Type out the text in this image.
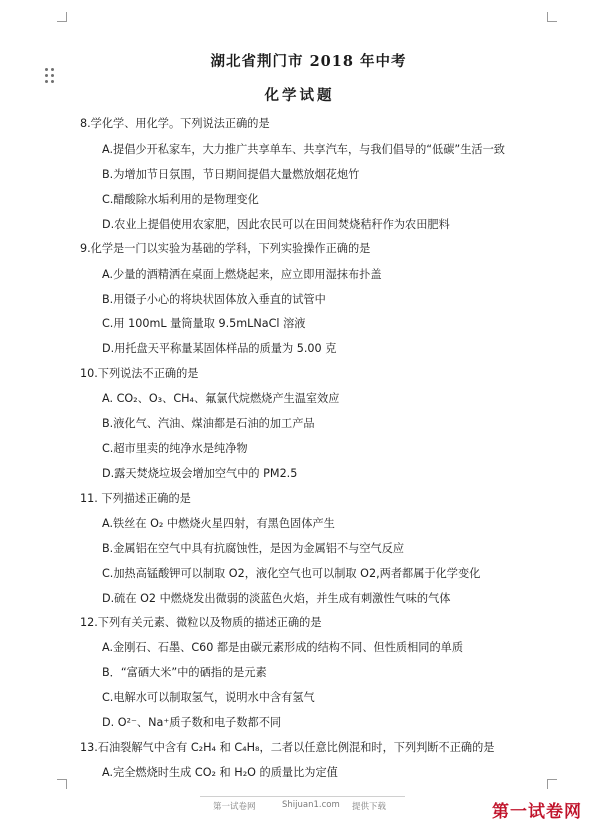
湖北省荆门市 2018 年中考
化学试题
8.学化学、用化学。下列说法正确的是
A.提倡少开私家车，大力推广共享单车、共享汽车，与我们倡导的“低碳”生活一致
B.为增加节日氛围，节日期间提倡大量燃放烟花炮竹
C.醋酸除水垢利用的是物理变化
D.农业上提倡使用农家肥，因此农民可以在田间焚烧秸秆作为农田肥料
9.化学是一门以实验为基础的学科，下列实验操作正确的是
A.少量的酒精洒在桌面上燃烧起来，应立即用湿抹布扑盖
B.用镊子小心的将块状固体放入垂直的试管中
C.用 100mL 量筒量取 9.5mLNaCl 溶液
D.用托盘天平称量某固体样品的质量为 5.00 克
10.下列说法不正确的是
A. CO₂、O₃、CH₄、氟氯代烷燃烧产生温室效应
B.液化气、汽油、煤油都是石油的加工产品
C.超市里卖的纯净水是纯净物
D.露天焚烧垃圾会增加空气中的 PM2.5
11. 下列描述正确的是
A.铁丝在 O₂ 中燃烧火星四射，有黑色固体产生
B.金属铝在空气中具有抗腐蚀性，是因为金属铝不与空气反应
C.加热高锰酸钾可以制取 O2，液化空气也可以制取 O2,两者都属于化学变化
D.硫在 O2 中燃烧发出微弱的淡蓝色火焰，并生成有刺激性气味的气体
12.下列有关元素、微粒以及物质的描述正确的是
A.金刚石、石墨、C60 都是由碳元素形成的结构不同、但性质相同的单质
B．“富硒大米”中的硒指的是元素
C.电解水可以制取氢气，说明水中含有氢气
D. O²⁻、Na⁺质子数和电子数都不同
13.石油裂解气中含有 C₂H₄ 和 C₄H₈，二者以任意比例混和时，下列判断不正确的是
A.完全燃烧时生成 CO₂ 和 H₂O 的质量比为定值
第一试卷网	Shijuan1.com 提供下载	第一试卷网
